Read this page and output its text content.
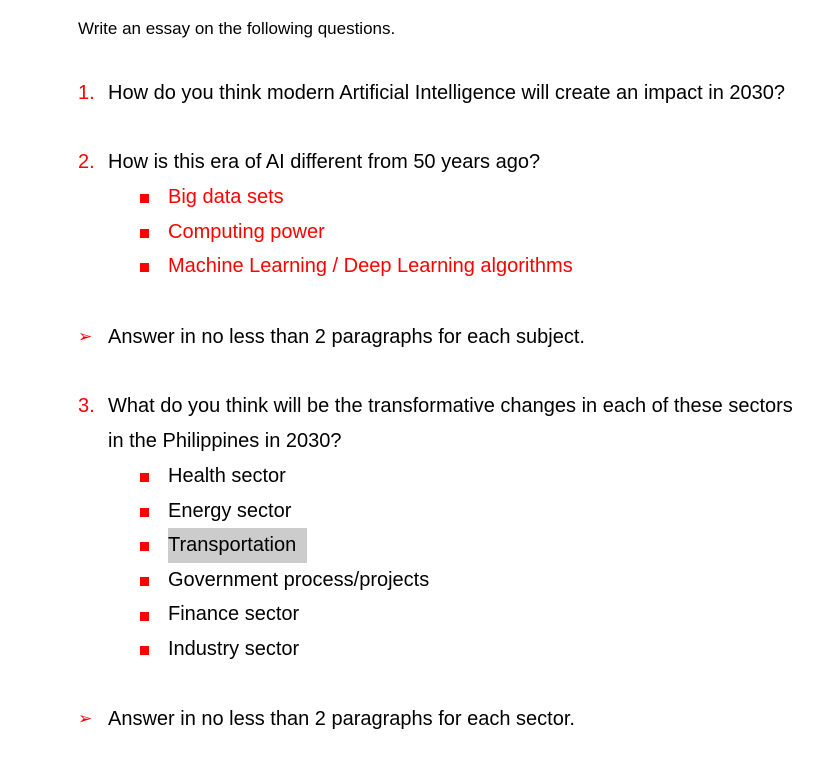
Write an essay on the following questions.
1. How do you think modern Artificial Intelligence will create an impact in 2030?
2. How is this era of AI different from 50 years ago?
Big data sets
Computing power
Machine Learning / Deep Learning algorithms
➢ Answer in no less than 2 paragraphs for each subject.
3. What do you think will be the transformative changes in each of these sectors
in the Philippines in 2030?
Health sector
Energy sector
Transportation
Government process/projects
Finance sector
Industry sector
➢ Answer in no less than 2 paragraphs for each sector.
